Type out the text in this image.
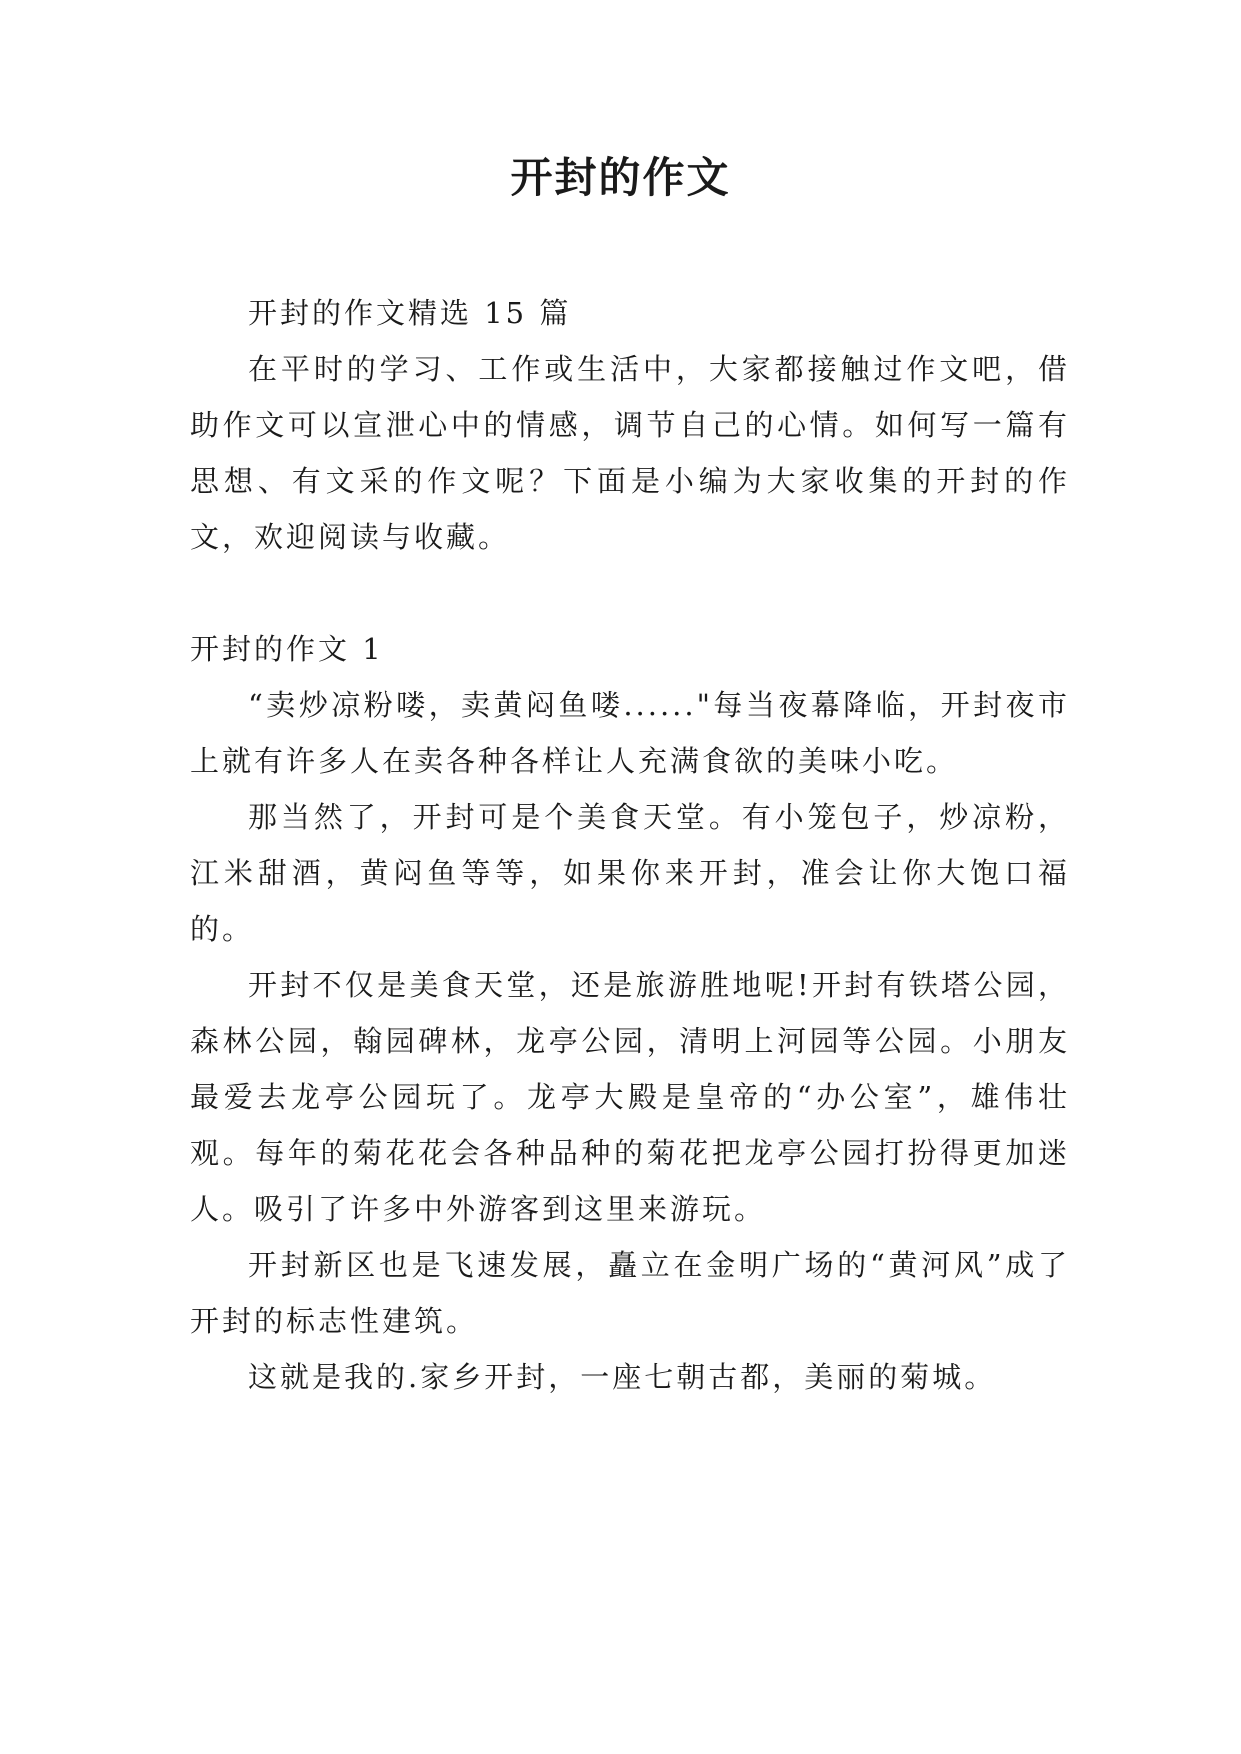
开封的作文

开封的作文精选 15 篇

在平时的学习、工作或生活中，大家都接触过作文吧，借助作文可以宣泄心中的情感，调节自己的心情。如何写一篇有思想、有文采的作文呢？下面是小编为大家收集的开封的作文，欢迎阅读与收藏。

开封的作文 1

“卖炒凉粉喽，卖黄闷鱼喽......"每当夜幕降临，开封夜市上就有许多人在卖各种各样让人充满食欲的美味小吃。

那当然了，开封可是个美食天堂。有小笼包子，炒凉粉，江米甜酒，黄闷鱼等等，如果你来开封，准会让你大饱口福的。

开封不仅是美食天堂，还是旅游胜地呢!开封有铁塔公园，森林公园，翰园碑林，龙亭公园，清明上河园等公园。小朋友最爱去龙亭公园玩了。龙亭大殿是皇帝的“办公室”，雄伟壮观。每年的菊花花会各种品种的菊花把龙亭公园打扮得更加迷人。吸引了许多中外游客到这里来游玩。

开封新区也是飞速发展，矗立在金明广场的“黄河风”成了开封的标志性建筑。

这就是我的.家乡开封，一座七朝古都，美丽的菊城。
